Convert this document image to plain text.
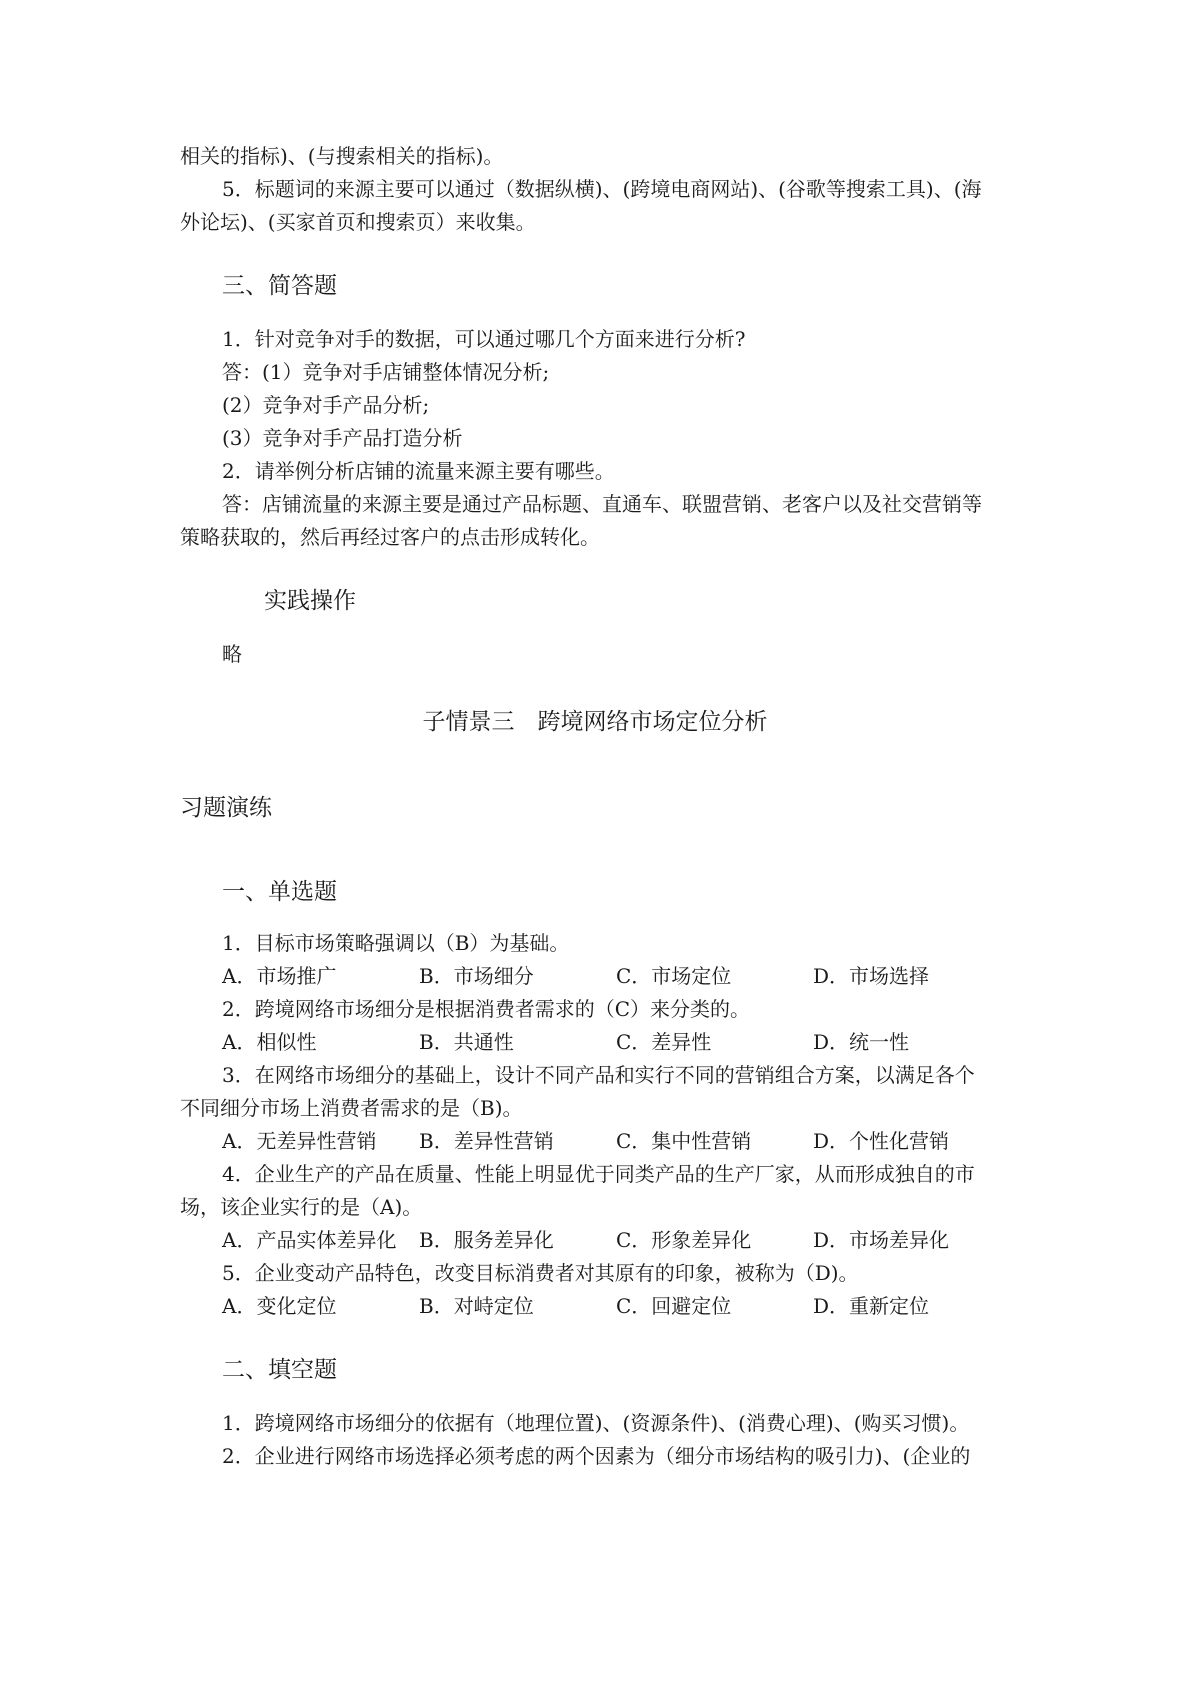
相关的指标)、(与搜索相关的指标)。

5．标题词的来源主要可以通过（数据纵横)、(跨境电商网站)、(谷歌等搜索工具)、(海

外论坛)、(买家首页和搜索页）来收集。

三、简答题

1．针对竞争对手的数据，可以通过哪几个方面来进行分析?

答：(1）竞争对手店铺整体情况分析;

(2）竞争对手产品分析;

(3）竞争对手产品打造分析

2．请举例分析店铺的流量来源主要有哪些。

答：店铺流量的来源主要是通过产品标题、直通车、联盟营销、老客户以及社交营销等

策略获取的，然后再经过客户的点击形成转化。

实践操作

略

子情景三　跨境网络市场定位分析

习题演练

一、单选题

1．目标市场策略强调以（B）为基础。

A．市场推广	B．市场细分	C．市场定位	D．市场选择

2．跨境网络市场细分是根据消费者需求的（C）来分类的。

A．相似性	B．共通性	C．差异性	D．统一性

3．在网络市场细分的基础上，设计不同产品和实行不同的营销组合方案，以满足各个

不同细分市场上消费者需求的是（B)。

A．无差异性营销	B．差异性营销	C．集中性营销	D．个性化营销

4．企业生产的产品在质量、性能上明显优于同类产品的生产厂家，从而形成独自的市

场，该企业实行的是（A)。

A．产品实体差异化	B．服务差异化	C．形象差异化	D．市场差异化

5．企业变动产品特色，改变目标消费者对其原有的印象，被称为（D)。

A．变化定位	B．对峙定位	C．回避定位	D．重新定位

二、填空题

1．跨境网络市场细分的依据有（地理位置)、(资源条件)、(消费心理)、(购买习惯)。

2．企业进行网络市场选择必须考虑的两个因素为（细分市场结构的吸引力)、(企业的
